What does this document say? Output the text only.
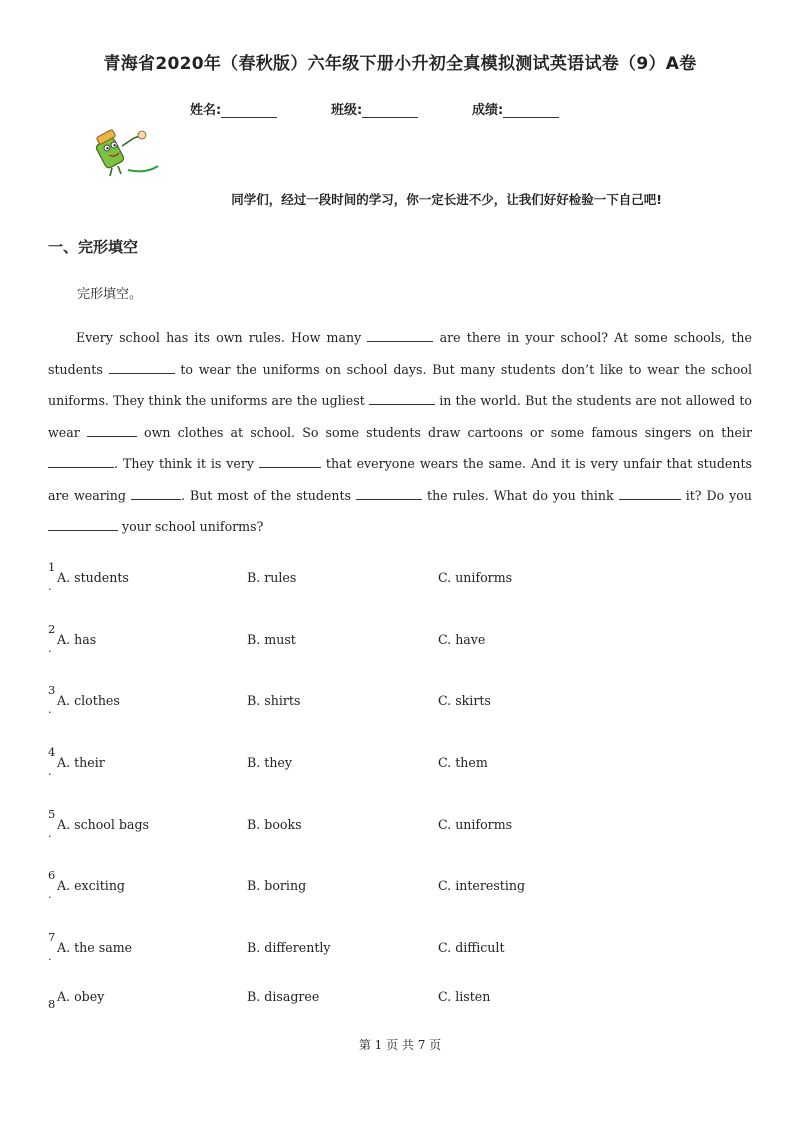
青海省2020年（春秋版）六年级下册小升初全真模拟测试英语试卷（9）A卷
姓名:	班级:	成绩:
同学们，经过一段时间的学习，你一定长进不少，让我们好好检验一下自己吧!
一、完形填空
完形填空。
Every school has its own rules. How many	are there in your school? At some schools, the students	to wear the uniforms on school days. But many students don’t like to wear the school uniforms. They think the uniforms are the ugliest	in the world. But the students are not allowed to wear	own clothes at school. So some students draw cartoons or some famous singers on their . They think it is very	that everyone wears the same. And it is very unfair that students are wearing	. But most of the students	the rules. What do you think	it? Do you  your school uniforms?
1
.
A. students	B. rules	C. uniforms
2
.
A. has	B. must	C. have
3
.
A. clothes	B. shirts	C. skirts
4
.
A. their	B. they	C. them
5
.
A. school bags	B. books	C. uniforms
6
.
A. exciting	B. boring	C. interesting
7
.
A. the same	B. differently	C. difficult
8 A. obey	B. disagree	C. listen
第 1 页 共 7 页
